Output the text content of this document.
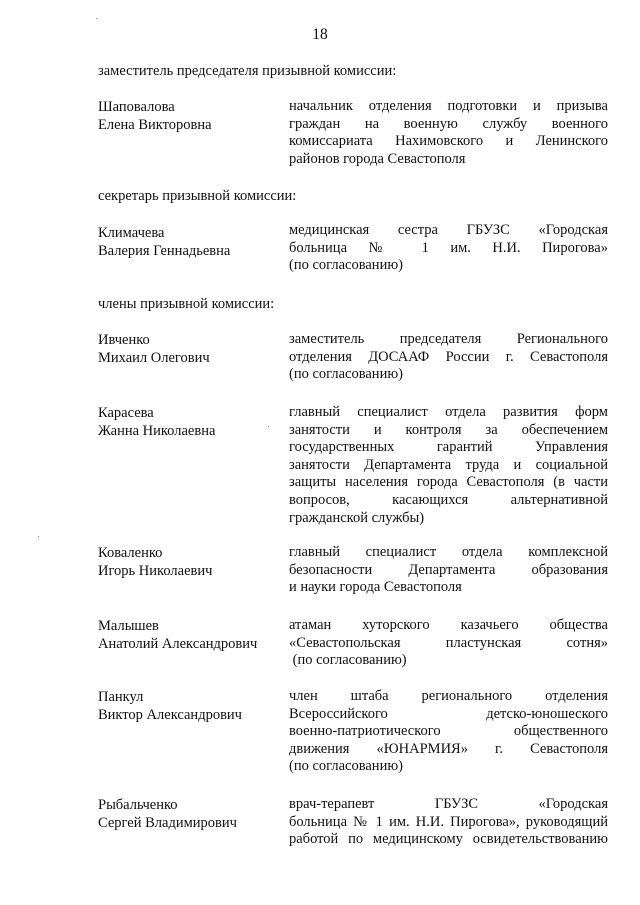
18
заместитель председателя призывной комиссии:
Шаповалова
Елена Викторовна
начальник отделения подготовки и призыва
граждан на военную службу военного
комиссариата Нахимовского и Ленинского
районов города Севастополя
секретарь призывной комиссии:
Климачева
Валерия Геннадьевна
медицинская сестра ГБУЗС «Городская
больница № 1 им. Н.И. Пирогова»
(по согласованию)
члены призывной комиссии:
Ивченко
Михаил Олегович
заместитель председателя Регионального
отделения ДОСААФ России г. Севастополя
(по согласованию)
Карасева
Жанна Николаевна
главный специалист отдела развития форм
занятости и контроля за обеспечением
государственных гарантий Управления
занятости Департамента труда и социальной
защиты населения города Севастополя (в части
вопросов, касающихся альтернативной
гражданской службы)
Коваленко
Игорь Николаевич
главный специалист отдела комплексной
безопасности Департамента образования
и науки города Севастополя
Малышев
Анатолий Александрович
атаман хуторского казачьего общества
«Севастопольская пластунская сотня»
(по согласованию)
Панкул
Виктор Александрович
член штаба регионального отделения
Всероссийского детско-юношеского
военно-патриотического общественного
движения «ЮНАРМИЯ» г. Севастополя
(по согласованию)
Рыбальченко
Сергей Владимирович
врач-терапевт ГБУЗС «Городская
больница № 1 им. Н.И. Пирогова», руководящий
работой по медицинскому освидетельствованию
